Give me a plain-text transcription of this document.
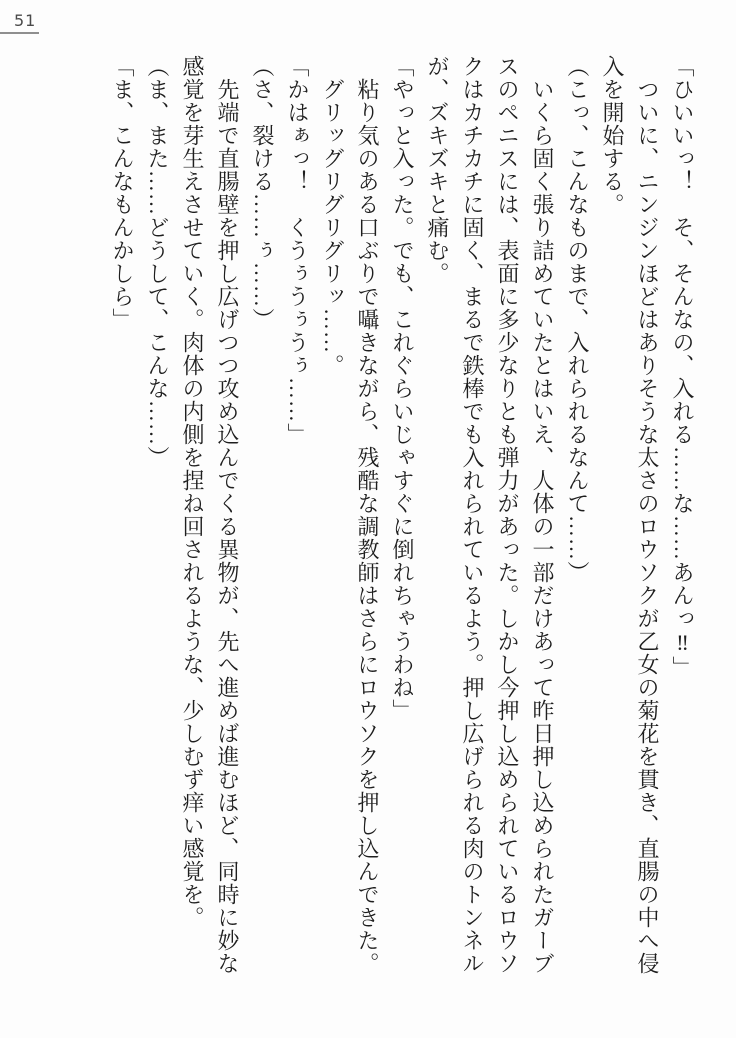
51

「ひいいっ！　そ、そんなの、入れる……な……あんっ‼」

　ついに、ニンジンほどはありそうな太さのロウソクが乙女の菊花を貫き、直腸の中へ侵

入を開始する。

（こっ、こんなものまで、入れられるなんて……）

　いくら固く張り詰めていたとはいえ、人体の一部だけあって昨日押し込められたガーブ

スのペニスには、表面に多少なりとも弾力があった。しかし今押し込められているロウソ

クはカチカチに固く、まるで鉄棒でも入れられているよう。押し広げられる肉のトンネル

が、ズキズキと痛む。

「やっと入った。でも、これぐらいじゃすぐに倒れちゃうわね」

　粘り気のある口ぶりで囁きながら、残酷な調教師はさらにロウソクを押し込んできた。

　グリッグリグリグリッ……。

「かはぁっ！　くうぅうぅうぅ……」

（さ、裂ける……ぅ……）

　先端で直腸壁を押し広げつつ攻め込んでくる異物が、先へ進めば進むほど、同時に妙な

感覚を芽生えさせていく。肉体の内側を捏ね回されるような、少しむず痒い感覚を。

（ま、また……どうして、こんな……）

「ま、こんなもんかしら」
